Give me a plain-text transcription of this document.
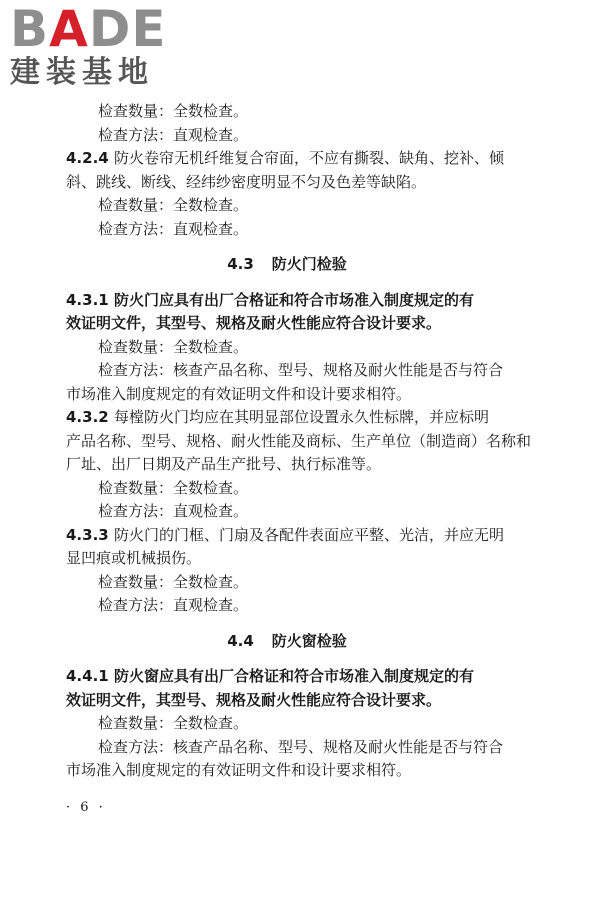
BADE
建装基地
检查数量：全数检查。
检查方法：直观检查。
4.2.4 防火卷帘无机纤维复合帘面，不应有撕裂、缺角、挖补、倾
斜、跳线、断线、经纬纱密度明显不匀及色差等缺陷。
检查数量：全数检查。
检查方法：直观检查。
4.3 防火门检验
4.3.1 防火门应具有出厂合格证和符合市场准入制度规定的有
效证明文件，其型号、规格及耐火性能应符合设计要求。
检查数量：全数检查。
检查方法：核查产品名称、型号、规格及耐火性能是否与符合
市场准入制度规定的有效证明文件和设计要求相符。
4.3.2 每樘防火门均应在其明显部位设置永久性标牌，并应标明
产品名称、型号、规格、耐火性能及商标、生产单位（制造商）名称和
厂址、出厂日期及产品生产批号、执行标准等。
检查数量：全数检查。
检查方法：直观检查。
4.3.3 防火门的门框、门扇及各配件表面应平整、光洁，并应无明
显凹痕或机械损伤。
检查数量：全数检查。
检查方法：直观检查。
4.4 防火窗检验
4.4.1 防火窗应具有出厂合格证和符合市场准入制度规定的有
效证明文件，其型号、规格及耐火性能应符合设计要求。
检查数量：全数检查。
检查方法：核查产品名称、型号、规格及耐火性能是否与符合
市场准入制度规定的有效证明文件和设计要求相符。
· 6 ·
